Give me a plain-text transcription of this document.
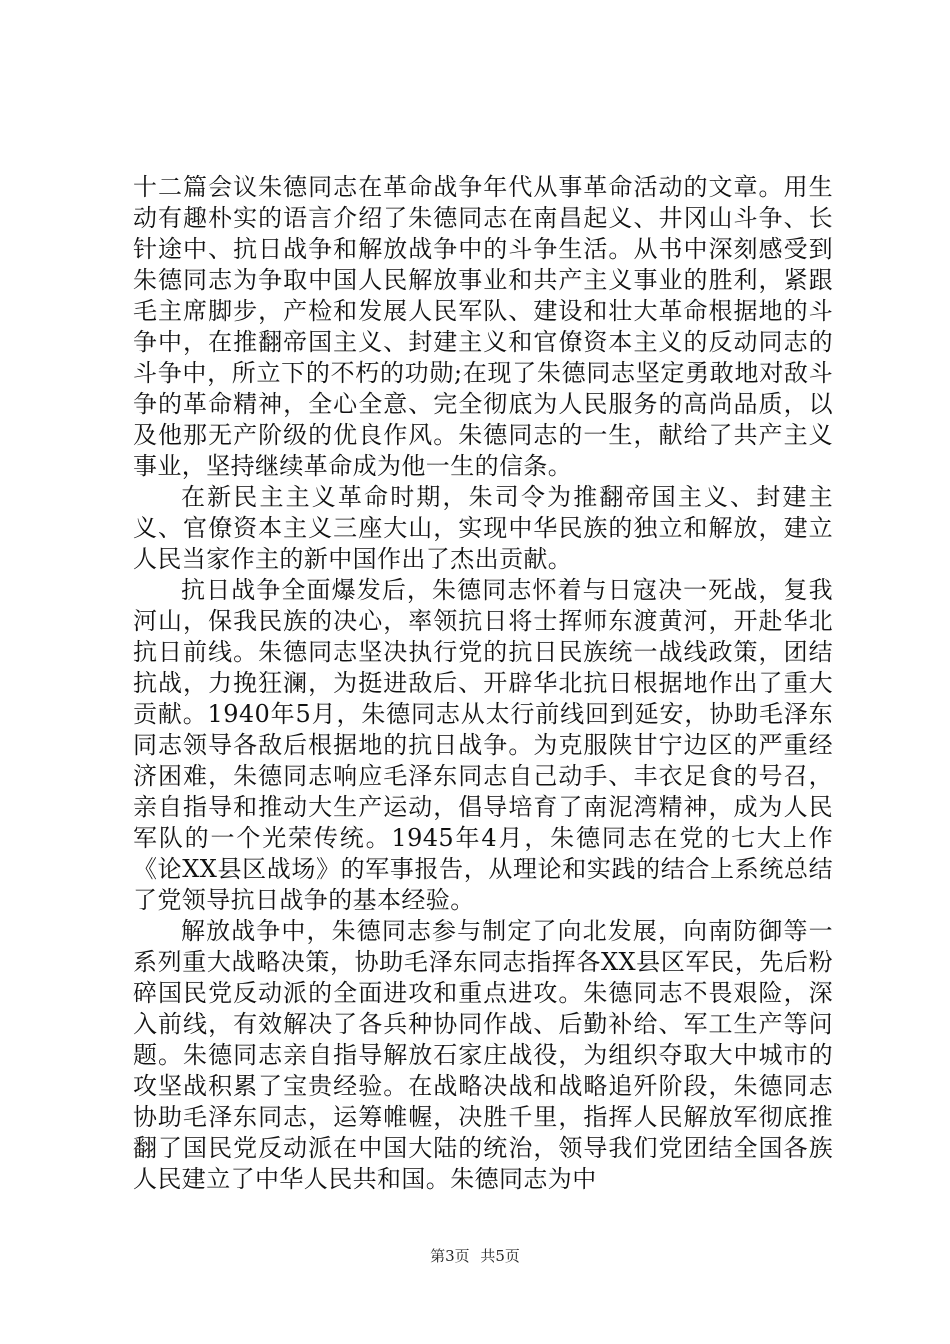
十二篇会议朱德同志在革命战争年代从事革命活动的文章。用生动有趣朴实的语言介绍了朱德同志在南昌起义、井冈山斗争、长针途中、抗日战争和解放战争中的斗争生活。从书中深刻感受到朱德同志为争取中国人民解放事业和共产主义事业的胜利，紧跟毛主席脚步，产检和发展人民军队、建设和壮大革命根据地的斗争中，在推翻帝国主义、封建主义和官僚资本主义的反动同志的斗争中，所立下的不朽的功勋;在现了朱德同志坚定勇敢地对敌斗争的革命精神，全心全意、完全彻底为人民服务的高尚品质，以及他那无产阶级的优良作风。朱德同志的一生，献给了共产主义事业，坚持继续革命成为他一生的信条。

在新民主主义革命时期，朱司令为推翻帝国主义、封建主义、官僚资本主义三座大山，实现中华民族的独立和解放，建立人民当家作主的新中国作出了杰出贡献。

抗日战争全面爆发后，朱德同志怀着与日寇决一死战，复我河山，保我民族的决心，率领抗日将士挥师东渡黄河，开赴华北抗日前线。朱德同志坚决执行党的抗日民族统一战线政策，团结抗战，力挽狂澜，为挺进敌后、开辟华北抗日根据地作出了重大贡献。1940年5月，朱德同志从太行前线回到延安，协助毛泽东同志领导各敌后根据地的抗日战争。为克服陕甘宁边区的严重经济困难，朱德同志响应毛泽东同志自己动手、丰衣足食的号召，亲自指导和推动大生产运动，倡导培育了南泥湾精神，成为人民军队的一个光荣传统。1945年4月，朱德同志在党的七大上作《论XX县区战场》的军事报告，从理论和实践的结合上系统总结了党领导抗日战争的基本经验。

解放战争中，朱德同志参与制定了向北发展，向南防御等一系列重大战略决策，协助毛泽东同志指挥各XX县区军民，先后粉碎国民党反动派的全面进攻和重点进攻。朱德同志不畏艰险，深入前线，有效解决了各兵种协同作战、后勤补给、军工生产等问题。朱德同志亲自指导解放石家庄战役，为组织夺取大中城市的攻坚战积累了宝贵经验。在战略决战和战略追歼阶段，朱德同志协助毛泽东同志，运筹帷幄，决胜千里，指挥人民解放军彻底推翻了国民党反动派在中国大陆的统治，领导我们党团结全国各族人民建立了中华人民共和国。朱德同志为中

第3页 共5页
